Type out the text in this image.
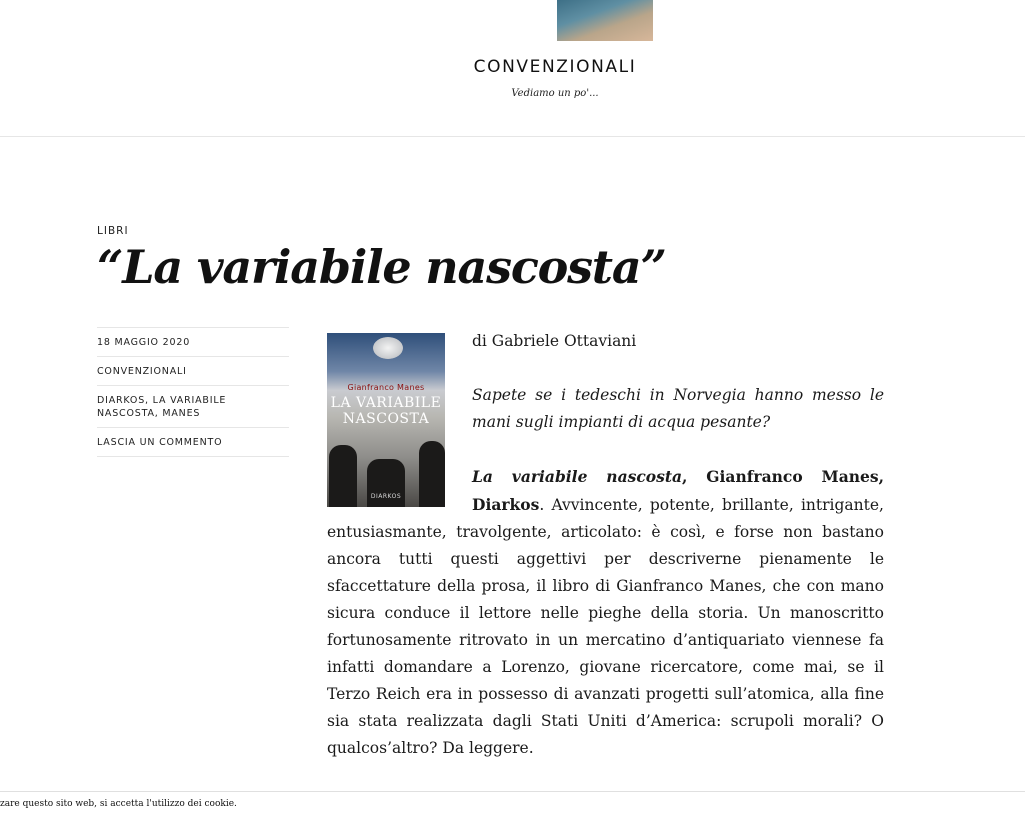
CONVENZIONALI
Vediamo un po'...
LIBRI
“La variabile nascosta”
18 MAGGIO 2020
CONVENZIONALI
DIARKOS, LA VARIABILE NASCOSTA, MANES
LASCIA UN COMMENTO
Gianfranco Manes
LA VARIABILE
NASCOSTA
DIARKOS

di Gabriele Ottaviani

Sapete se i tedeschi in Norvegia hanno messo le mani sugli impianti di acqua pesante?

La variabile nascosta, Gianfranco Manes, Diarkos. Avvincente, potente, brillante, intrigante, entusiasmante, travolgente, articolato: è così, e forse non bastano ancora tutti questi aggettivi per descriverne pienamente le sfaccettature della prosa, il libro di Gianfranco Manes, che con mano sicura conduce il lettore nelle pieghe della storia. Un manoscritto fortunosamente ritrovato in un mercatino d’antiquariato viennese fa infatti domandare a Lorenzo, giovane ricercatore, come mai, se il Terzo Reich era in possesso di avanzati progetti sull’atomica, alla fine sia stata realizzata dagli Stati Uniti d’America: scrupoli morali? O qualcos’altro? Da leggere.

zare questo sito web, si accetta l'utilizzo dei cookie.
